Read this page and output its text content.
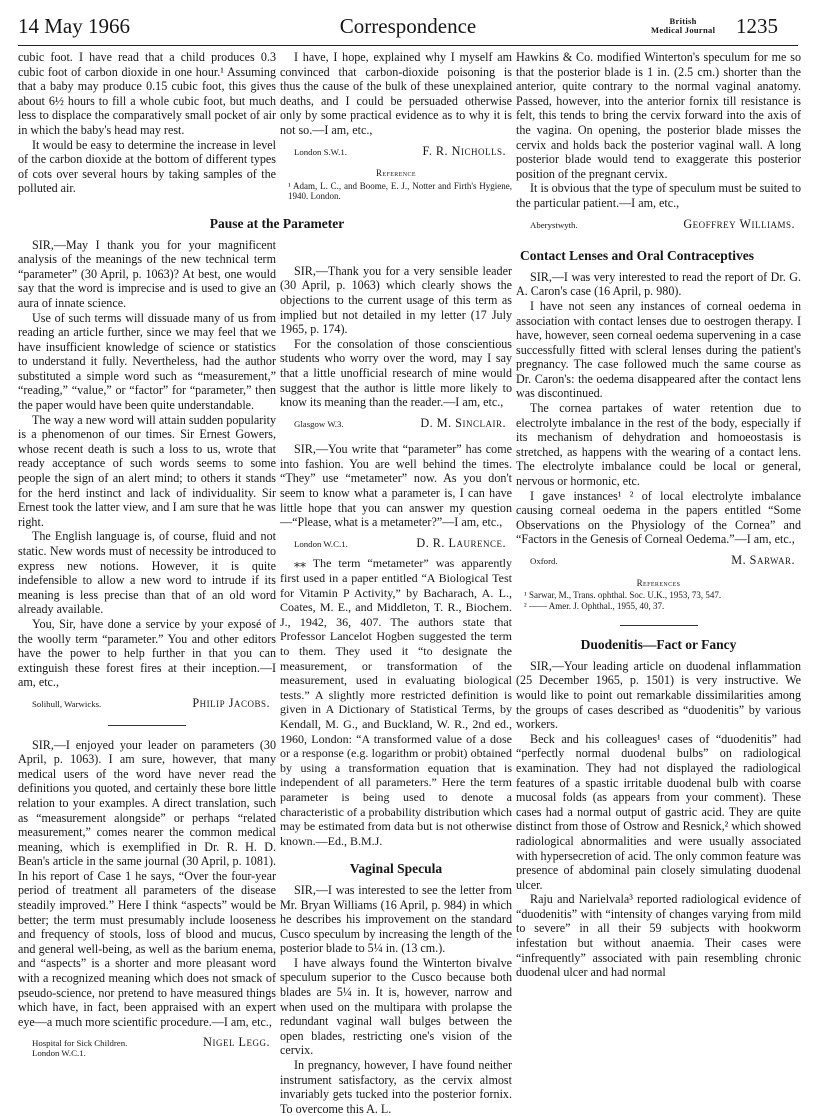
14 May 1966	Correspondence	British
Medical Journal 1235

cubic foot. I have read that a child produces 0.3 cubic foot of carbon dioxide in one hour.¹ Assuming that a baby may produce 0.15 cubic foot, this gives about 6½ hours to fill a whole cubic foot, but much less to displace the comparatively small pocket of air in which the baby's head may rest.

It would be easy to determine the increase in level of the carbon dioxide at the bottom of different types of cots over several hours by taking samples of the polluted air.

Pause at the Parameter

SIR,—May I thank you for your magnificent analysis of the meanings of the new technical term “parameter” (30 April, p. 1063)? At best, one would say that the word is imprecise and is used to give an aura of innate science.

Use of such terms will dissuade many of us from reading an article further, since we may feel that we have insufficient knowledge of science or statistics to understand it fully. Nevertheless, had the author substituted a simple word such as “measurement,” “reading,” “value,” or “factor” for “parameter,” then the paper would have been quite understandable.

The way a new word will attain sudden popularity is a phenomenon of our times. Sir Ernest Gowers, whose recent death is such a loss to us, wrote that ready acceptance of such words seems to some people the sign of an alert mind; to others it stands for the herd instinct and lack of individuality. Sir Ernest took the latter view, and I am sure that he was right.

The English language is, of course, fluid and not static. New words must of necessity be introduced to express new notions. However, it is quite indefensible to allow a new word to intrude if its meaning is less precise than that of an old word already available.

You, Sir, have done a service by your exposé of the woolly term “parameter.” You and other editors have the power to help further in that you can extinguish these forest fires at their inception.—I am, etc.,

Solihull, Warwicks.	Philip Jacobs.

SIR,—I enjoyed your leader on parameters (30 April, p. 1063). I am sure, however, that many medical users of the word have never read the definitions you quoted, and certainly these bore little relation to your examples. A direct translation, such as “measurement alongside” or perhaps “related measurement,” comes nearer the common medical meaning, which is exemplified in Dr. R. H. D. Bean's article in the same journal (30 April, p. 1081). In his report of Case 1 he says, “Over the four-year period of treatment all parameters of the disease steadily improved.” Here I think “aspects” would be better; the term must presumably include looseness and frequency of stools, loss of blood and mucus, and general well-being, as well as the barium enema, and “aspects” is a shorter and more pleasant word with a recognized meaning which does not smack of pseudo-science, nor pretend to have measured things which have, in fact, been appraised with an expert eye—a much more scientific procedure.—I am, etc.,

Hospital for Sick Children.
London W.C.1.
Nigel Legg.

I have, I hope, explained why I myself am convinced that carbon-dioxide poisoning is thus the cause of the bulk of these unexplained deaths, and I could be persuaded otherwise only by some practical evidence as to why it is not so.—I am, etc.,

London S.W.1.	F. R. Nicholls.
Reference

¹ Adam, L. C., and Boome, E. J., Notter and Firth's Hygiene, 1940. London.

SIR,—Thank you for a very sensible leader (30 April, p. 1063) which clearly shows the objections to the current usage of this term as implied but not detailed in my letter (17 July 1965, p. 174).

For the consolation of those conscientious students who worry over the word, may I say that a little unofficial research of mine would suggest that the author is little more likely to know its meaning than the reader.—I am, etc.,

Glasgow W.3.	D. M. Sinclair.

SIR,—You write that “parameter” has come into fashion. You are well behind the times. “They” use “metameter” now. As you don't seem to know what a parameter is, I can have little hope that you can answer my question—“Please, what is a metameter?”—I am, etc.,

London W.C.1.	D. R. Laurence.

⁎⁎ The term “metameter” was apparently first used in a paper entitled “A Biological Test for Vitamin P Activity,” by Bacharach, A. L., Coates, M. E., and Middleton, T. R., Biochem. J., 1942, 36, 407. The authors state that Professor Lancelot Hogben suggested the term to them. They used it “to designate the measurement, or transformation of the measurement, used in evaluating biological tests.” A slightly more restricted definition is given in A Dictionary of Statistical Terms, by Kendall, M. G., and Buckland, W. R., 2nd ed., 1960, London: “A transformed value of a dose or a response (e.g. logarithm or probit) obtained by using a transformation equation that is independent of all parameters.” Here the term parameter is being used to denote a characteristic of a probability distribution which may be estimated from data but is not otherwise known.—Ed., B.M.J.

Vaginal Specula

SIR,—I was interested to see the letter from Mr. Bryan Williams (16 April, p. 984) in which he describes his improvement on the standard Cusco speculum by increasing the length of the posterior blade to 5¼ in. (13 cm.).

I have always found the Winterton bivalve speculum superior to the Cusco because both blades are 5¼ in. It is, however, narrow and when used on the multipara with prolapse the redundant vaginal wall bulges between the open blades, restricting one's vision of the cervix.

In pregnancy, however, I have found neither instrument satisfactory, as the cervix almost invariably gets tucked into the posterior fornix. To overcome this A. L.

Hawkins & Co. modified Winterton's speculum for me so that the posterior blade is 1 in. (2.5 cm.) shorter than the anterior, quite contrary to the normal vaginal anatomy. Passed, however, into the anterior fornix till resistance is felt, this tends to bring the cervix forward into the axis of the vagina. On opening, the posterior blade misses the cervix and holds back the posterior vaginal wall. A long posterior blade would tend to exaggerate this posterior position of the pregnant cervix.

It is obvious that the type of speculum must be suited to the particular patient.—I am, etc.,

Aberystwyth.	Geoffrey Williams.
Contact Lenses and Oral Contraceptives

SIR,—I was very interested to read the report of Dr. G. A. Caron's case (16 April, p. 980).

I have not seen any instances of corneal oedema in association with contact lenses due to oestrogen therapy. I have, however, seen corneal oedema supervening in a case successfully fitted with scleral lenses during the patient's pregnancy. The case followed much the same course as Dr. Caron's: the oedema disappeared after the contact lens was discontinued.

The cornea partakes of water retention due to electrolyte imbalance in the rest of the body, especially if its mechanism of dehydration and homoeostasis is stretched, as happens with the wearing of a contact lens. The electrolyte imbalance could be local or general, nervous or hormonic, etc.

I gave instances¹ ² of local electrolyte imbalance causing corneal oedema in the papers entitled “Some Observations on the Physiology of the Cornea” and “Factors in the Genesis of Corneal Oedema.”—I am, etc.,

Oxford.	M. Sarwar.
References

¹ Sarwar, M., Trans. ophthal. Soc. U.K., 1953, 73, 547.

² —— Amer. J. Ophthal., 1955, 40, 37.

Duodenitis—Fact or Fancy

SIR,—Your leading article on duodenal inflammation (25 December 1965, p. 1501) is very instructive. We would like to point out remarkable dissimilarities among the groups of cases described as “duodenitis” by various workers.

Beck and his colleagues¹ cases of “duodenitis” had “perfectly normal duodenal bulbs” on radiological examination. They had not displayed the radiological features of a spastic irritable duodenal bulb with coarse mucosal folds (as appears from your comment). These cases had a normal output of gastric acid. They are quite distinct from those of Ostrow and Resnick,² which showed radiological abnormalities and were usually associated with hypersecretion of acid. The only common feature was presence of abdominal pain closely simulating duodenal ulcer.

Raju and Narielvala³ reported radiological evidence of “duodenitis” with “intensity of changes varying from mild to severe” in all their 59 subjects with hookworm infestation but without anaemia. Their cases were “infrequently” associated with pain resembling chronic duodenal ulcer and had normal
